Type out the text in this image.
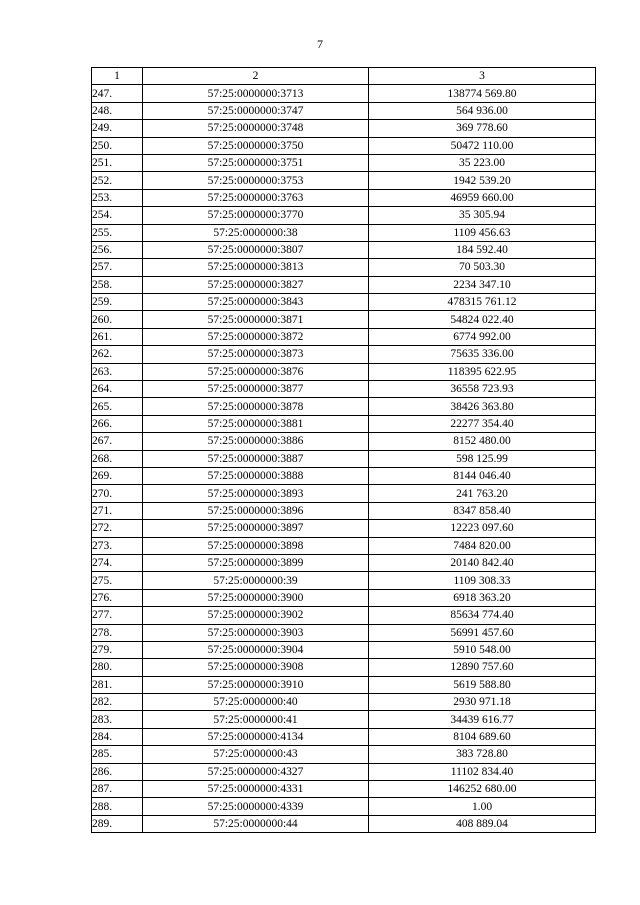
7
1	2	3
247.	57:25:0000000:3713	138774 569.80
248.	57:25:0000000:3747	564 936.00
249.	57:25:0000000:3748	369 778.60
250.	57:25:0000000:3750	50472 110.00
251.	57:25:0000000:3751	35 223.00
252.	57:25:0000000:3753	1942 539.20
253.	57:25:0000000:3763	46959 660.00
254.	57:25:0000000:3770	35 305.94
255.	57:25:0000000:38	1109 456.63
256.	57:25:0000000:3807	184 592.40
257.	57:25:0000000:3813	70 503.30
258.	57:25:0000000:3827	2234 347.10
259.	57:25:0000000:3843	478315 761.12
260.	57:25:0000000:3871	54824 022.40
261.	57:25:0000000:3872	6774 992.00
262.	57:25:0000000:3873	75635 336.00
263.	57:25:0000000:3876	118395 622.95
264.	57:25:0000000:3877	36558 723.93
265.	57:25:0000000:3878	38426 363.80
266.	57:25:0000000:3881	22277 354.40
267.	57:25:0000000:3886	8152 480.00
268.	57:25:0000000:3887	598 125.99
269.	57:25:0000000:3888	8144 046.40
270.	57:25:0000000:3893	241 763.20
271.	57:25:0000000:3896	8347 858.40
272.	57:25:0000000:3897	12223 097.60
273.	57:25:0000000:3898	7484 820.00
274.	57:25:0000000:3899	20140 842.40
275.	57:25:0000000:39	1109 308.33
276.	57:25:0000000:3900	6918 363.20
277.	57:25:0000000:3902	85634 774.40
278.	57:25:0000000:3903	56991 457.60
279.	57:25:0000000:3904	5910 548.00
280.	57:25:0000000:3908	12890 757.60
281.	57:25:0000000:3910	5619 588.80
282.	57:25:0000000:40	2930 971.18
283.	57:25:0000000:41	34439 616.77
284.	57:25:0000000:4134	8104 689.60
285.	57:25:0000000:43	383 728.80
286.	57:25:0000000:4327	11102 834.40
287.	57:25:0000000:4331	146252 680.00
288.	57:25:0000000:4339	1.00
289.	57:25:0000000:44	408 889.04
